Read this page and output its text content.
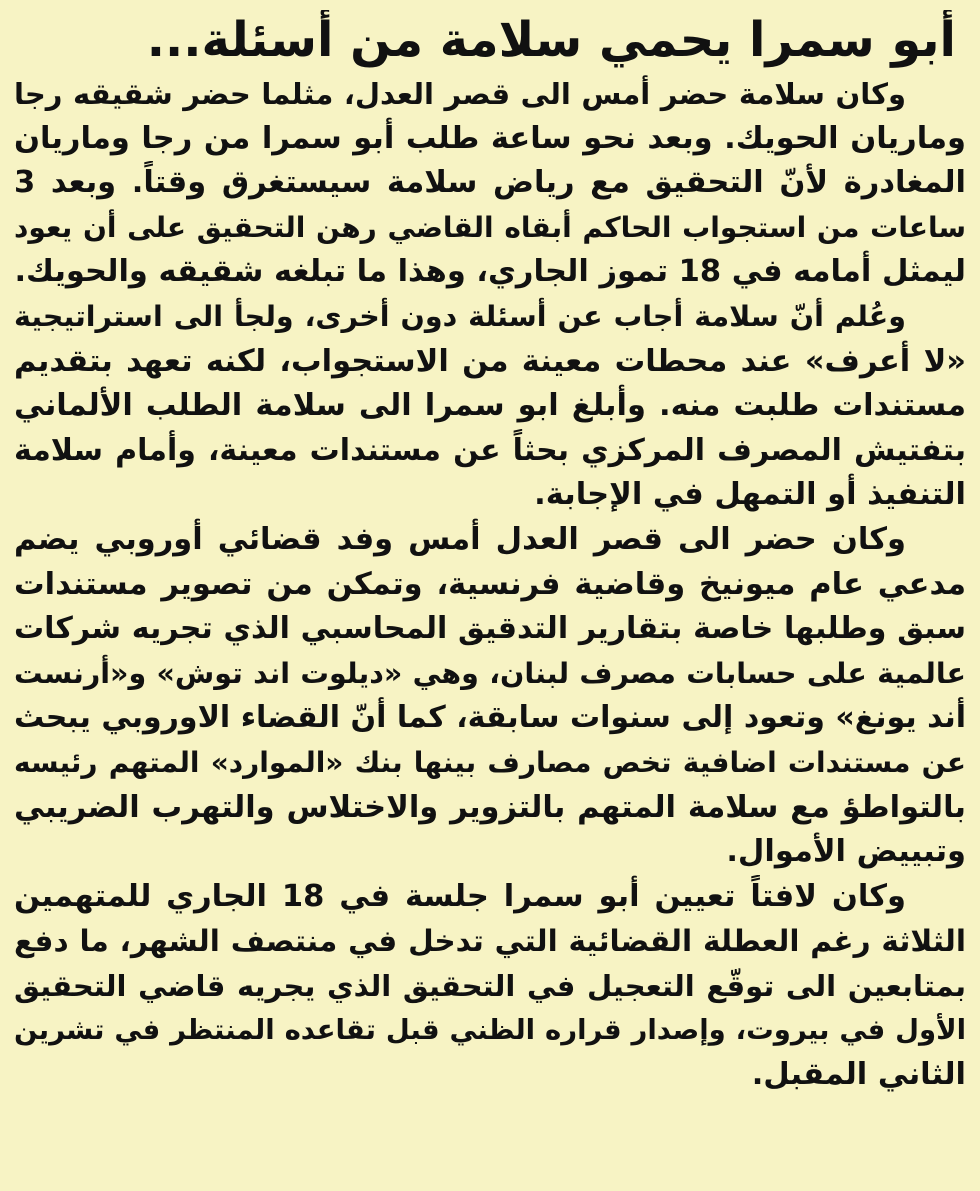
أبو سمرا يحمي سلامة من أسئلة...
وكان سلامة حضر أمس الى قصر العدل، مثلما حضر شقيقه رجا
وماريان الحويك. وبعد نحو ساعة طلب أبو سمرا من رجا وماريان
المغادرة لأنّ التحقيق مع رياض سلامة سيستغرق وقتاً. وبعد 3
ساعات من استجواب الحاكم أبقاه القاضي رهن التحقيق على أن يعود
ليمثل أمامه في 18 تموز الجاري، وهذا ما تبلغه شقيقه والحويك.
وعُلم أنّ سلامة أجاب عن أسئلة دون أخرى، ولجأ الى استراتيجية
«لا أعرف» عند محطات معينة من الاستجواب، لكنه تعهد بتقديم
مستندات طلبت منه. وأبلغ ابو سمرا الى سلامة الطلب الألماني
بتفتيش المصرف المركزي بحثاً عن مستندات معينة، وأمام سلامة
التنفيذ أو التمهل في الإجابة.
وكان حضر الى قصر العدل أمس وفد قضائي أوروبي يضم
مدعي عام ميونيخ وقاضية فرنسية، وتمكن من تصوير مستندات
سبق وطلبها خاصة بتقارير التدقيق المحاسبي الذي تجريه شركات
عالمية على حسابات مصرف لبنان، وهي «ديلوت اند توش» و«أرنست
أند يونغ» وتعود إلى سنوات سابقة، كما أنّ القضاء الاوروبي يبحث
عن مستندات اضافية تخص مصارف بينها بنك «الموارد» المتهم رئيسه
بالتواطؤ مع سلامة المتهم بالتزوير والاختلاس والتهرب الضريبي
وتبييض الأموال.
وكان لافتاً تعيين أبو سمرا جلسة في 18 الجاري للمتهمين
الثلاثة رغم العطلة القضائية التي تدخل في منتصف الشهر، ما دفع
بمتابعين الى توقّع التعجيل في التحقيق الذي يجريه قاضي التحقيق
الأول في بيروت، وإصدار قراره الظني قبل تقاعده المنتظر في تشرين
الثاني المقبل.
